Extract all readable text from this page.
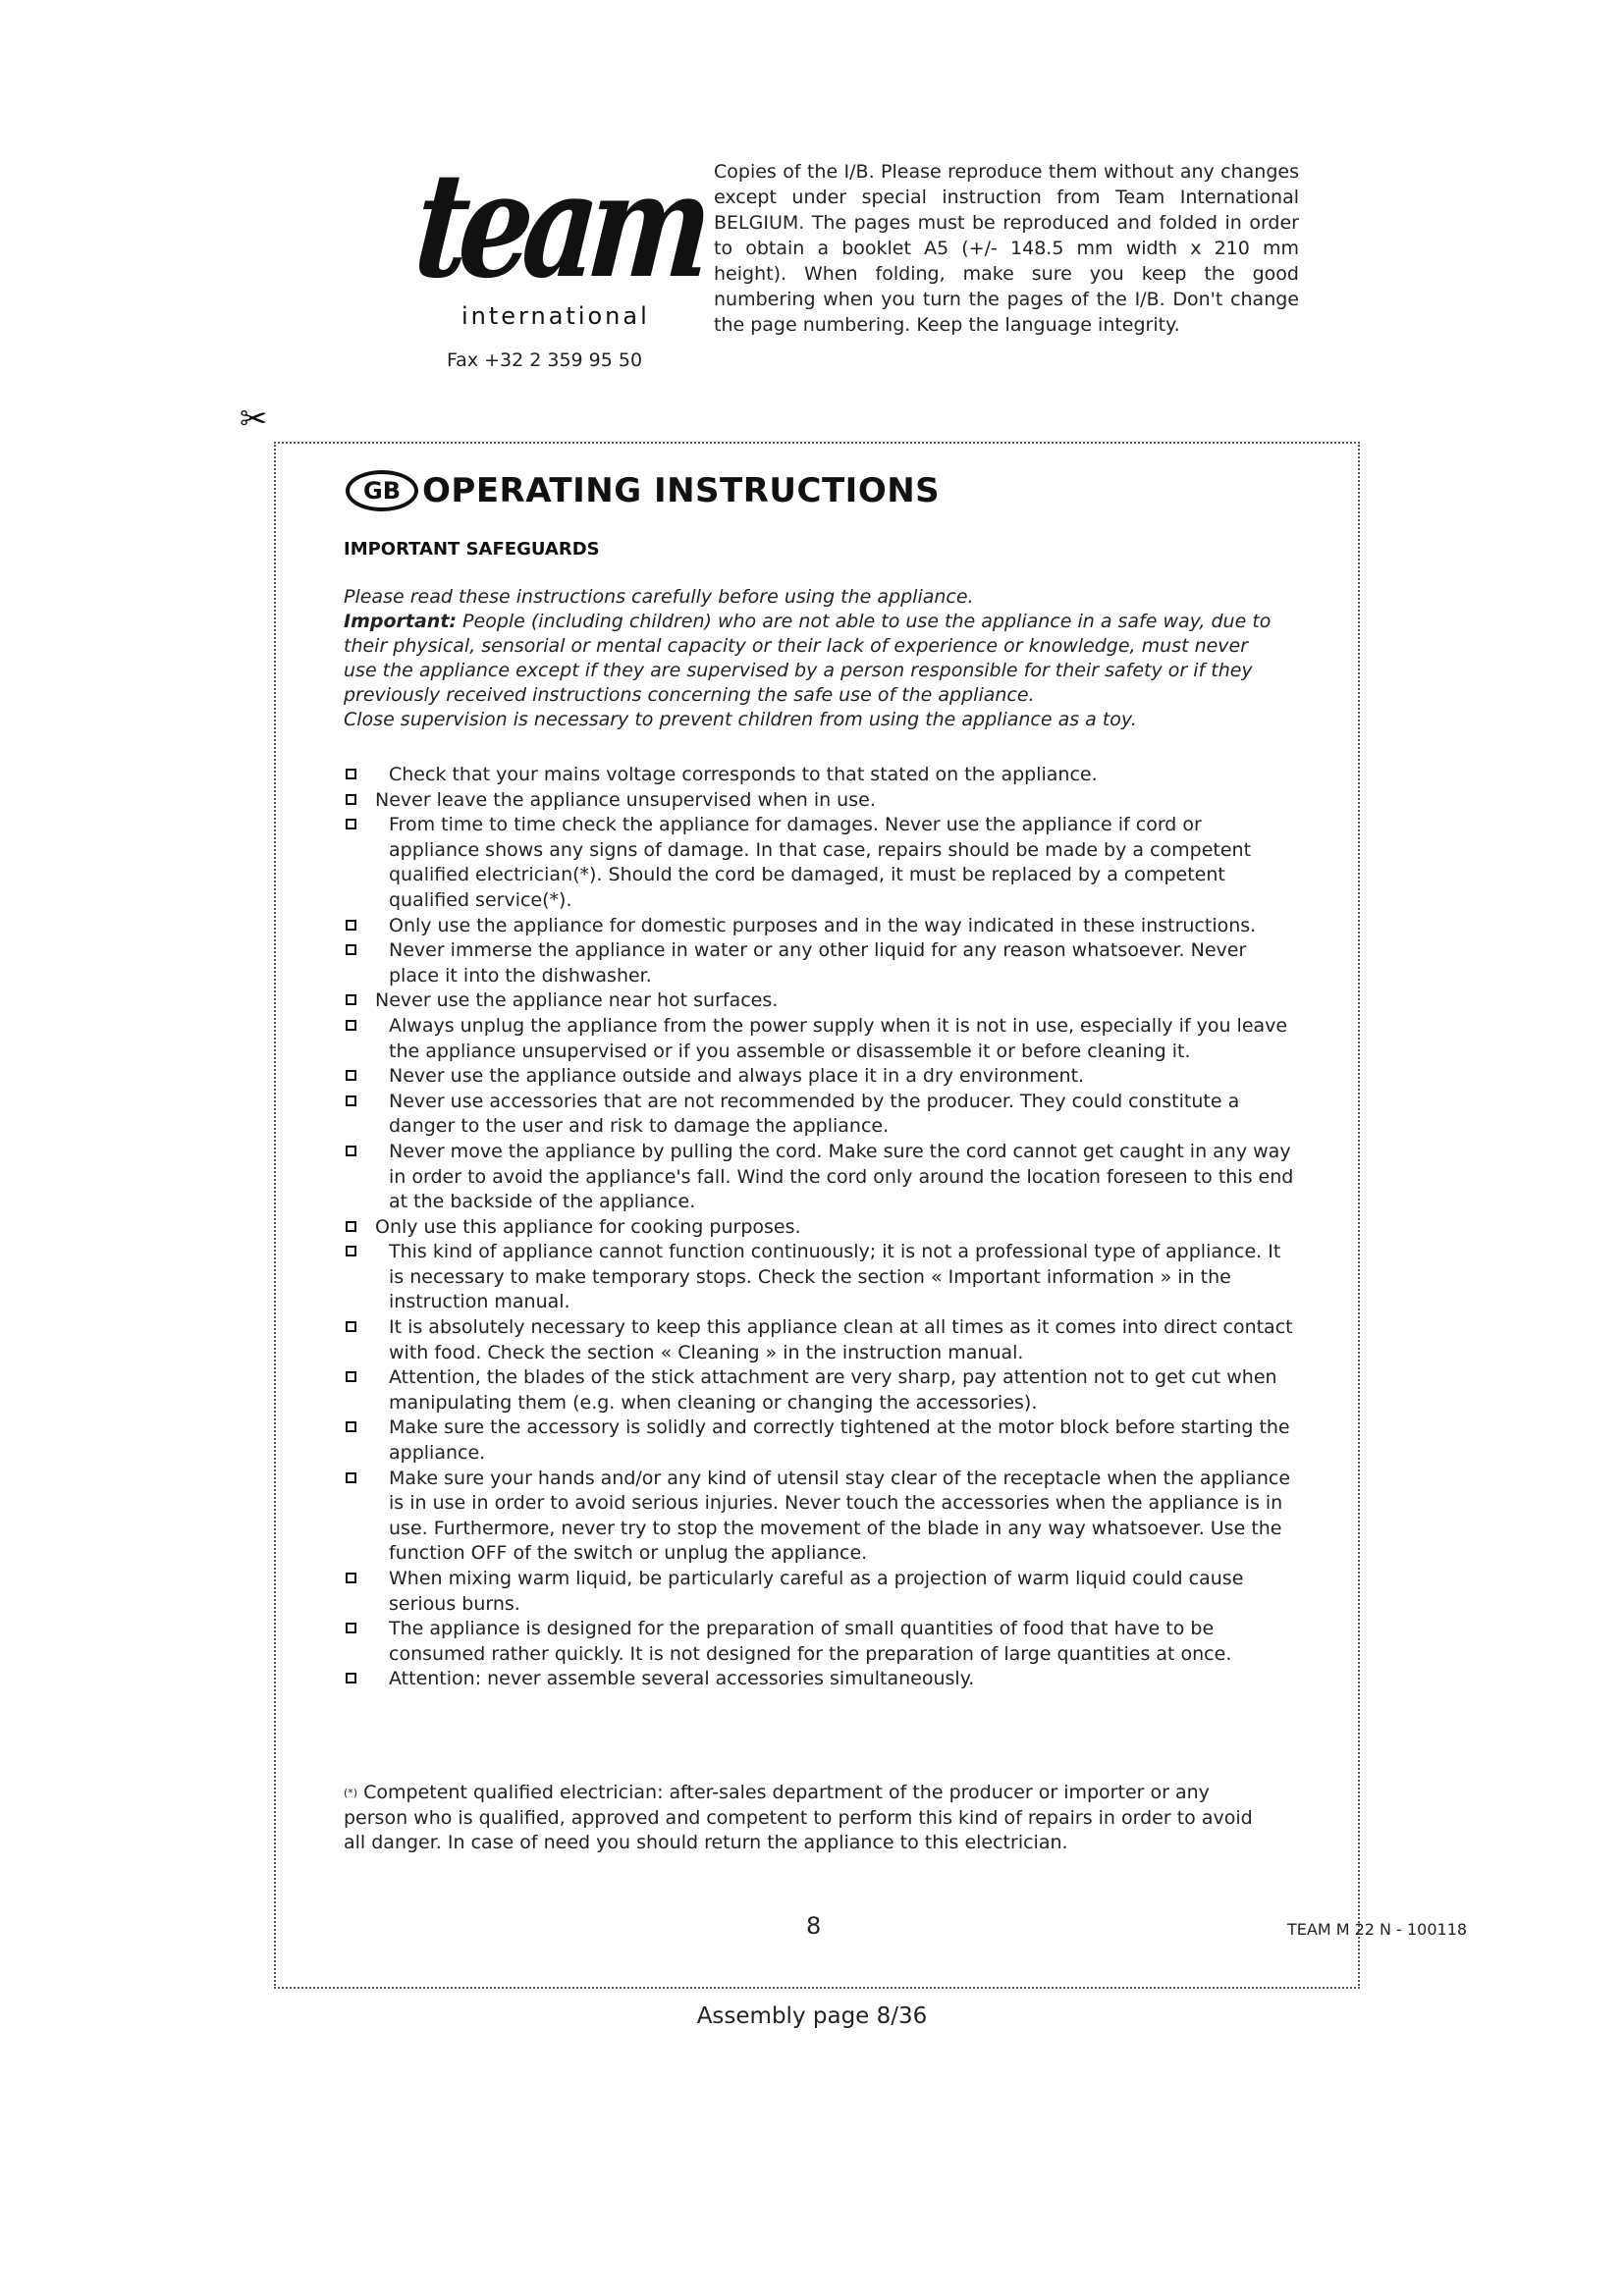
team
international
Fax +32 2 359 95 50
Copies of the I/B. Please reproduce them without any changes except under special instruction from Team International BELGIUM. The pages must be reproduced and folded in order to obtain a booklet A5 (+/- 148.5 mm width x 210 mm height). When folding, make sure you keep the good numbering when you turn the pages of the I/B. Don't change the page numbering. Keep the language integrity.
✂
GB OPERATING INSTRUCTIONS
IMPORTANT SAFEGUARDS

Please read these instructions carefully before using the appliance.

Important: People (including children) who are not able to use the appliance in a safe way, due to their physical, sensorial or mental capacity or their lack of experience or knowledge, must never use the appliance except if they are supervised by a person responsible for their safety or if they previously received instructions concerning the safe use of the appliance.

Close supervision is necessary to prevent children from using the appliance as a toy.

Check that your mains voltage corresponds to that stated on the appliance.
Never leave the appliance unsupervised when in use.
From time to time check the appliance for damages. Never use the appliance if cord or appliance shows any signs of damage. In that case, repairs should be made by a competent qualified electrician(*). Should the cord be damaged, it must be replaced by a competent qualified service(*).
Only use the appliance for domestic purposes and in the way indicated in these instructions.
Never immerse the appliance in water or any other liquid for any reason whatsoever. Never place it into the dishwasher.
Never use the appliance near hot surfaces.
Always unplug the appliance from the power supply when it is not in use, especially if you leave the appliance unsupervised or if you assemble or disassemble it or before cleaning it.
Never use the appliance outside and always place it in a dry environment.
Never use accessories that are not recommended by the producer. They could constitute a danger to the user and risk to damage the appliance.
Never move the appliance by pulling the cord. Make sure the cord cannot get caught in any way in order to avoid the appliance's fall. Wind the cord only around the location foreseen to this end at the backside of the appliance.
Only use this appliance for cooking purposes.
This kind of appliance cannot function continuously; it is not a professional type of appliance. It is necessary to make temporary stops. Check the section « Important information » in the instruction manual.
It is absolutely necessary to keep this appliance clean at all times as it comes into direct contact with food. Check the section « Cleaning » in the instruction manual.
Attention, the blades of the stick attachment are very sharp, pay attention not to get cut when manipulating them (e.g. when cleaning or changing the accessories).
Make sure the accessory is solidly and correctly tightened at the motor block before starting the appliance.
Make sure your hands and/or any kind of utensil stay clear of the receptacle when the appliance is in use in order to avoid serious injuries. Never touch the accessories when the appliance is in use. Furthermore, never try to stop the movement of the blade in any way whatsoever. Use the function OFF of the switch or unplug the appliance.
When mixing warm liquid, be particularly careful as a projection of warm liquid could cause serious burns.
The appliance is designed for the preparation of small quantities of food that have to be consumed rather quickly. It is not designed for the preparation of large quantities at once.
Attention: never assemble several accessories simultaneously.
(*) Competent qualified electrician: after-sales department of the producer or importer or any person who is qualified, approved and competent to perform this kind of repairs in order to avoid all danger. In case of need you should return the appliance to this electrician.
8	TEAM M 22 N - 100118
Assembly page 8/36
